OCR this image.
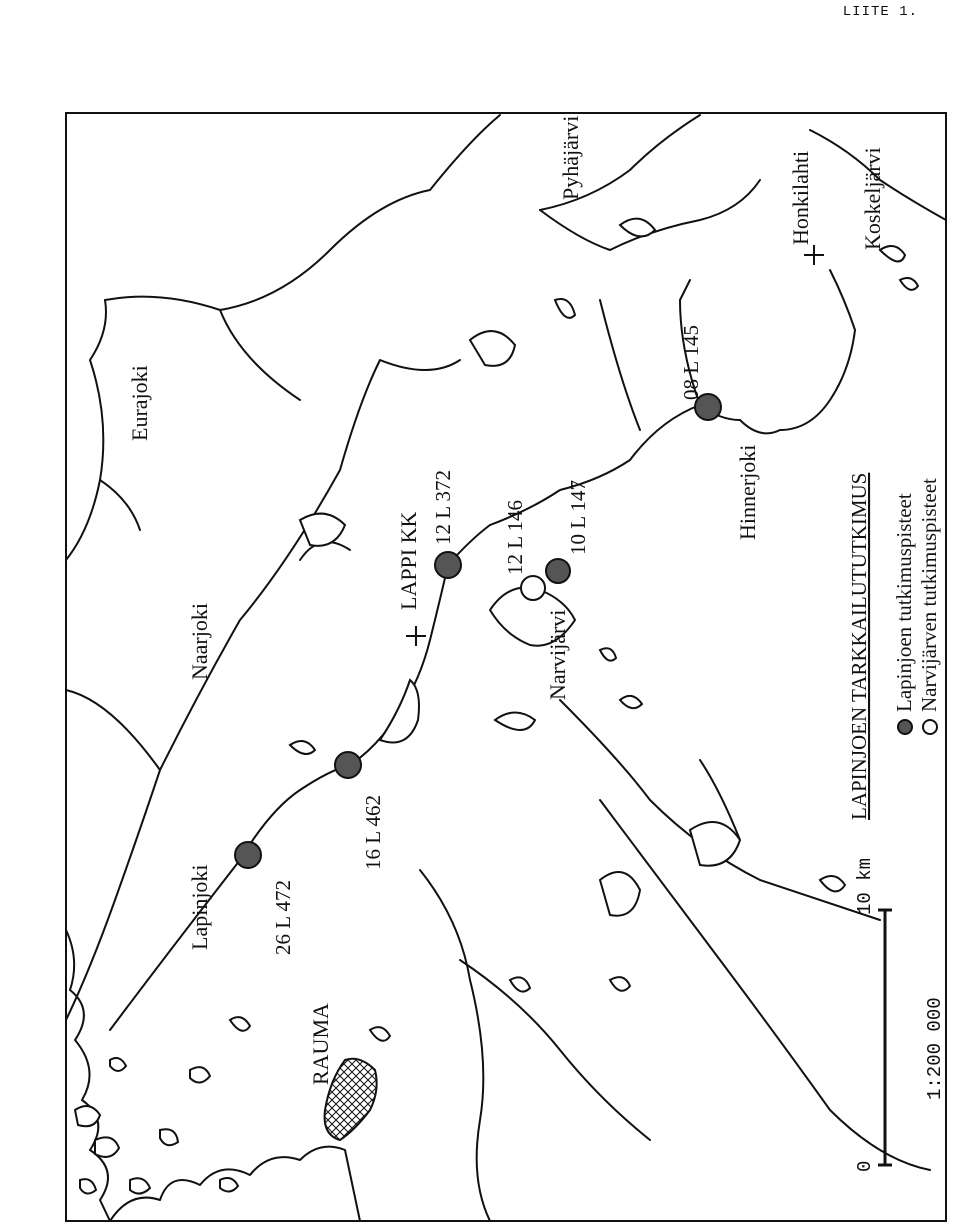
LIITE 1.
Eurajoki
Naarjoki
Lapinjoki
Hinnerjoki
LAPPI KK
RAUMA
Narvijärvi
Pyhäjärvi	Honkilahti Koskeljärvi
26 L 472
16 L 462
12 L 372 12 L 146 10 L 147
08 L 145
LAPINJOEN TARKKAILUTUTKIMUS Lapinjoen tutkimuspisteet Narvijärven tutkimuspisteet
0
10 km
1:200 000
